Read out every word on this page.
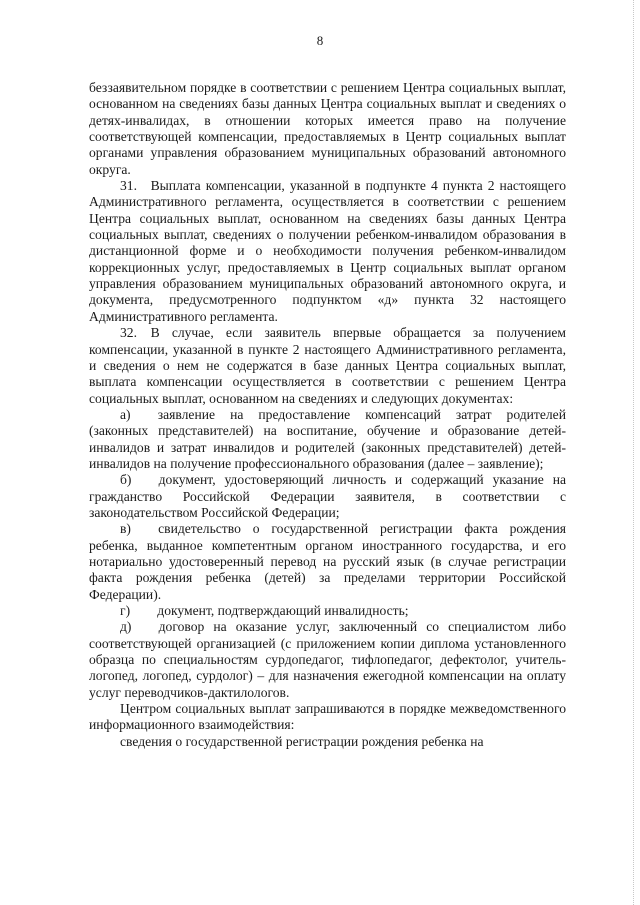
8

беззаявительном порядке в соответствии с решением Центра социальных выплат, основанном на сведениях базы данных Центра социальных выплат и сведениях о детях-инвалидах, в отношении которых имеется право на получение соответствующей компенсации, предоставляемых в Центр социальных выплат органами управления образованием муниципальных образований автономного округа.

31. Выплата компенсации, указанной в подпункте 4 пункта 2 настоящего Административного регламента, осуществляется в соответствии с решением Центра социальных выплат, основанном на сведениях базы данных Центра социальных выплат, сведениях о получении ребенком-инвалидом образования в дистанционной форме и о необходимости получения ребенком-инвалидом коррекционных услуг, предоставляемых в Центр социальных выплат органом управления образованием муниципальных образований автономного округа, и документа, предусмотренного подпунктом «д» пункта 32 настоящего Административного регламента.

32. В случае, если заявитель впервые обращается за получением компенсации, указанной в пункте 2 настоящего Административного регламента, и сведения о нем не содержатся в базе данных Центра социальных выплат, выплата компенсации осуществляется в соответствии с решением Центра социальных выплат, основанном на сведениях и следующих документах:

а)  заявление на предоставление компенсаций затрат родителей (законных представителей) на воспитание, обучение и образование детей-инвалидов и затрат инвалидов и родителей (законных представителей) детей-инвалидов на получение профессионального образования (далее – заявление);

б)  документ, удостоверяющий личность и содержащий указание на гражданство Российской Федерации заявителя, в соответствии с законодательством Российской Федерации;

в)  свидетельство о государственной регистрации факта рождения ребенка, выданное компетентным органом иностранного государства, и его нотариально удостоверенный перевод на русский язык (в случае регистрации факта рождения ребенка (детей) за пределами территории Российской Федерации).

г)  документ, подтверждающий инвалидность;

д)  договор на оказание услуг, заключенный со специалистом либо соответствующей организацией (с приложением копии диплома установленного образца по специальностям сурдопедагог, тифлопедагог, дефектолог, учитель-логопед, логопед, сурдолог) – для назначения ежегодной компенсации на оплату услуг переводчиков-дактилологов.

Центром социальных выплат запрашиваются в порядке межведомственного информационного взаимодействия:

сведения о государственной регистрации рождения ребенка на
